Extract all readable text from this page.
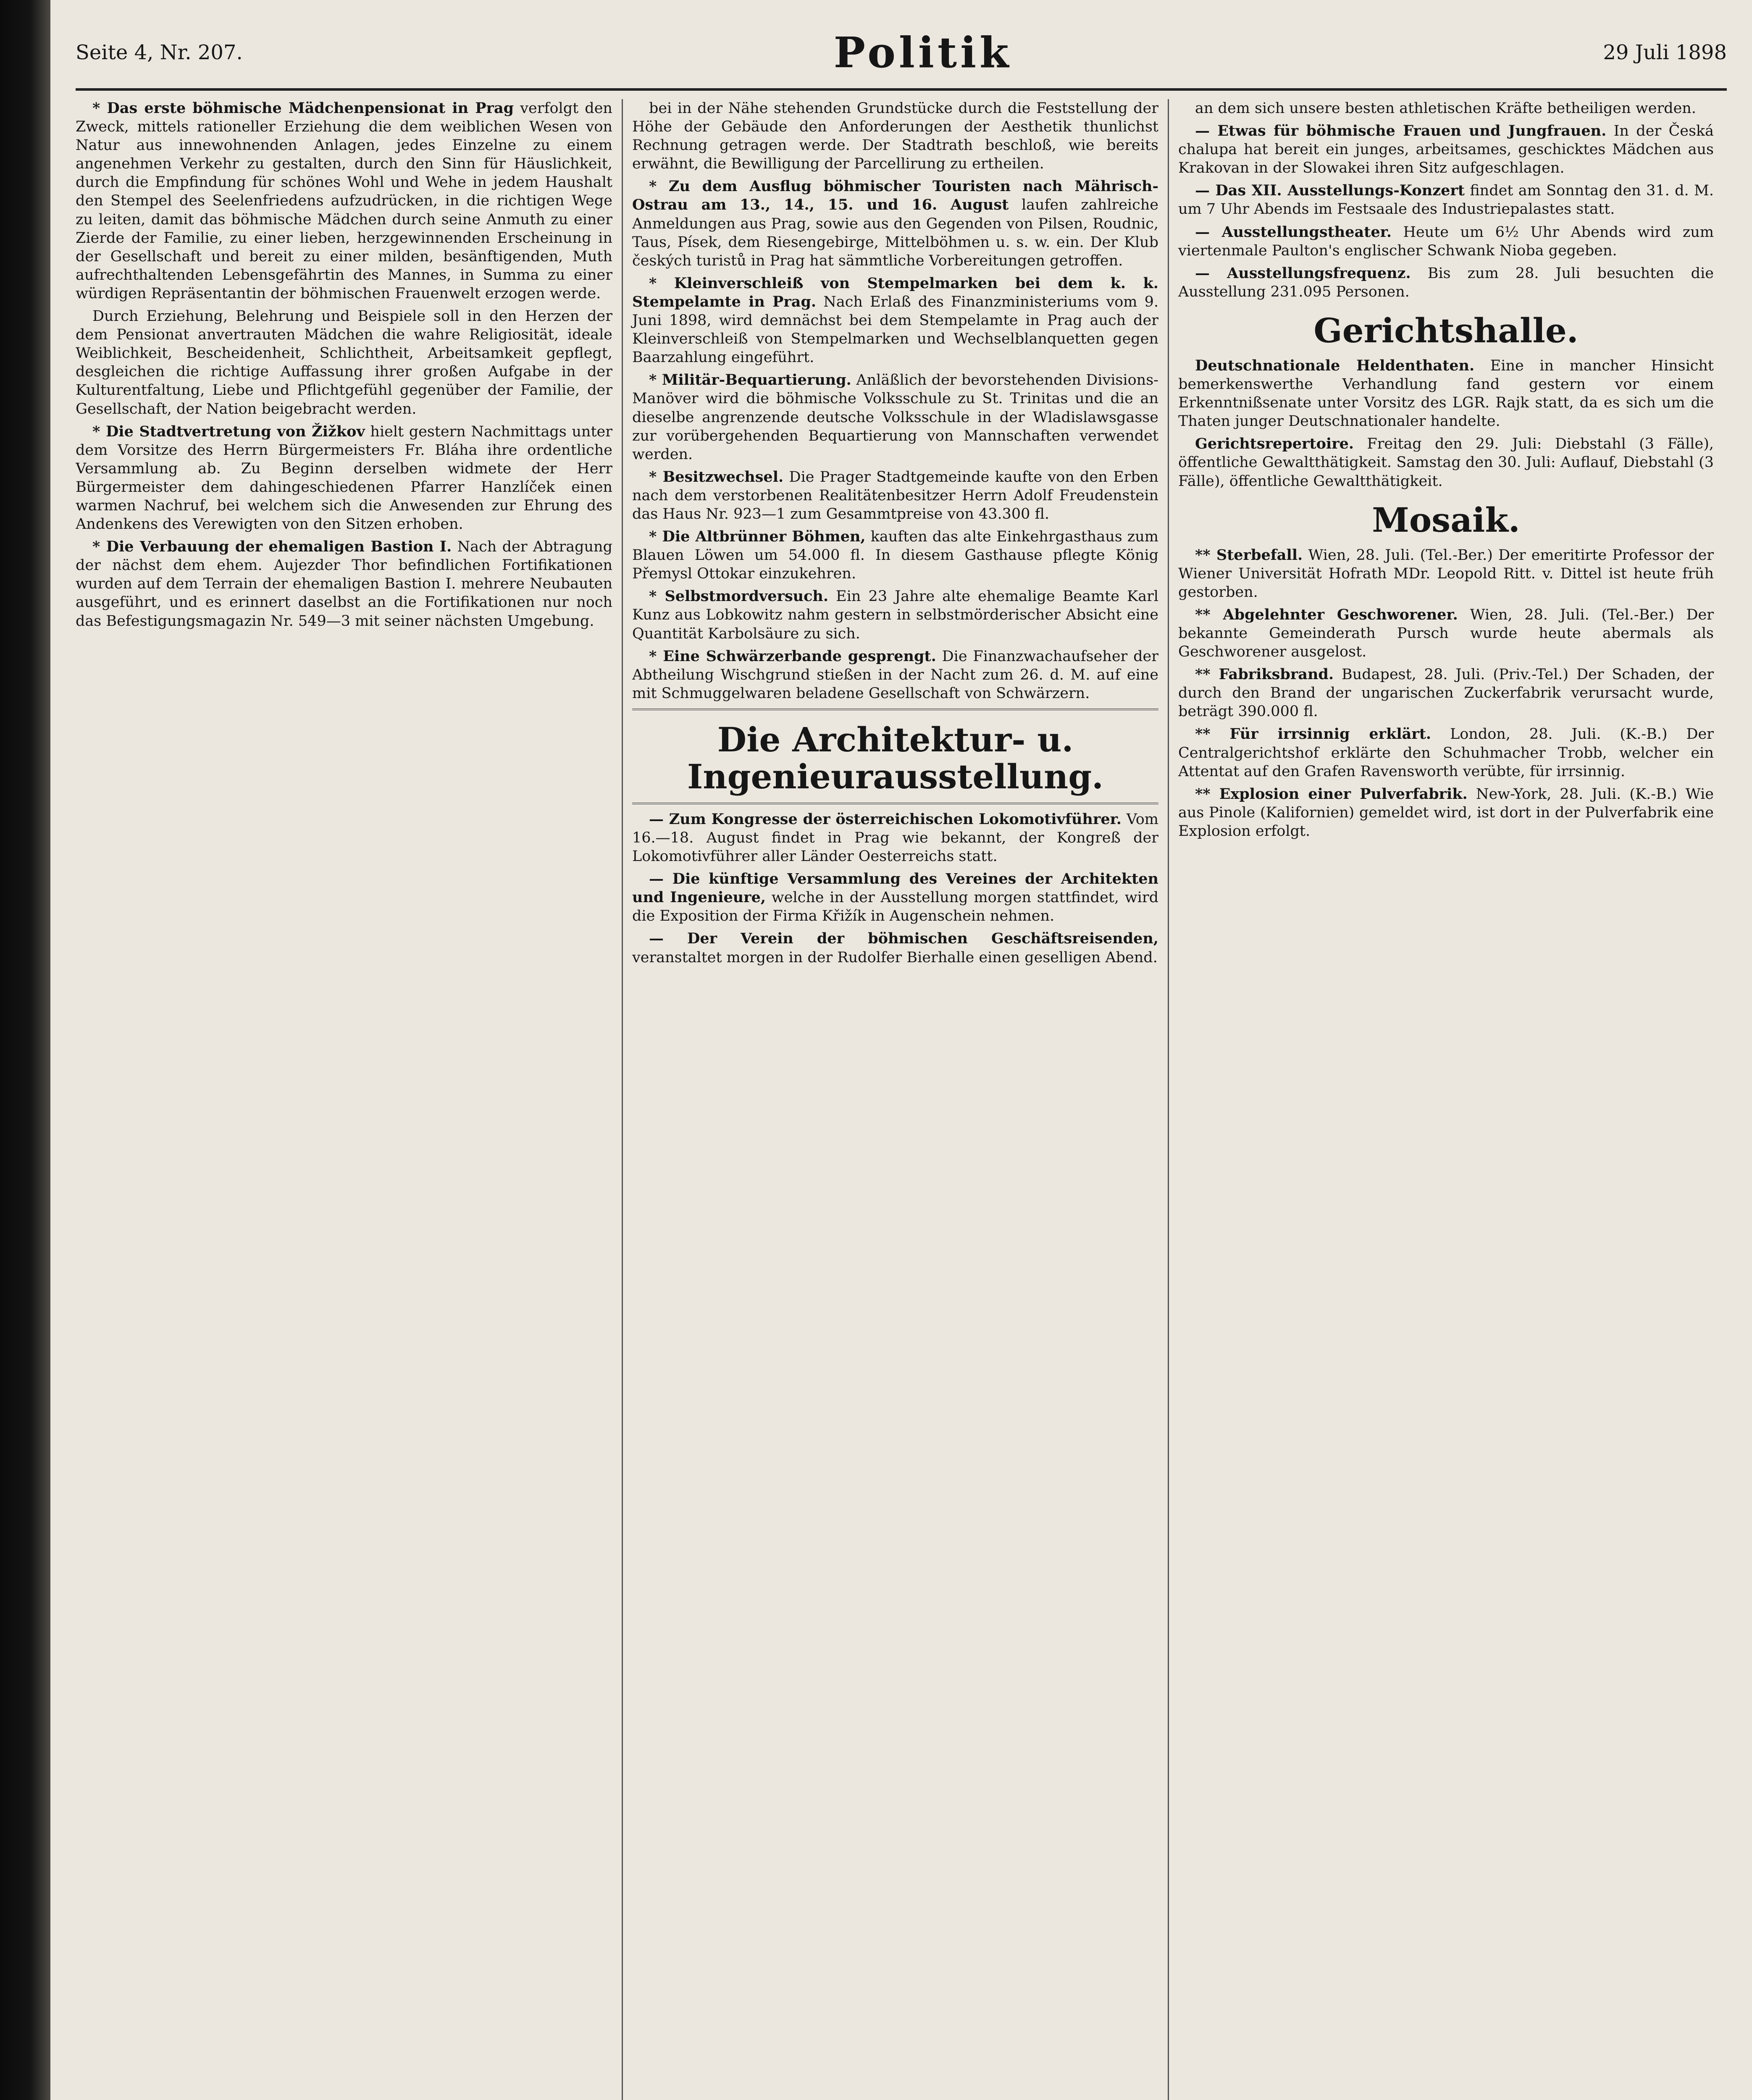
Seite 4, Nr. 207.	Politik	29 Juli 1898

* Das erste böhmische Mädchenpensionat in Prag verfolgt den Zweck, mittels rationeller Erziehung die dem weiblichen Wesen von Natur aus innewohnenden Anlagen, jedes Einzelne zu einem angenehmen Verkehr zu gestalten, durch den Sinn für Häuslichkeit, durch die Empfindung für schönes Wohl und Wehe in jedem Haushalt den Stempel des Seelenfriedens aufzudrücken, in die richtigen Wege zu leiten, damit das böhmische Mädchen durch seine Anmuth zu einer Zierde der Familie, zu einer lieben, herzgewinnenden Erscheinung in der Gesellschaft und bereit zu einer milden, besänftigenden, Muth aufrechthaltenden Lebensgefährtin des Mannes, in Summa zu einer würdigen Repräsentantin der böhmischen Frauenwelt erzogen werde.

Durch Erziehung, Belehrung und Beispiele soll in den Herzen der dem Pensionat anvertrauten Mädchen die wahre Religiosität, ideale Weiblichkeit, Bescheidenheit, Schlichtheit, Arbeitsamkeit gepflegt, desgleichen die richtige Auffassung ihrer großen Aufgabe in der Kulturentfaltung, Liebe und Pflichtgefühl gegenüber der Familie, der Gesellschaft, der Nation beigebracht werden.

* Die Stadtvertretung von Žižkov hielt gestern Nachmittags unter dem Vorsitze des Herrn Bürgermeisters Fr. Bláha ihre ordentliche Versammlung ab. Zu Beginn derselben widmete der Herr Bürgermeister dem dahingeschiedenen Pfarrer Hanzlíček einen warmen Nachruf, bei welchem sich die Anwesenden zur Ehrung des Andenkens des Verewigten von den Sitzen erhoben.

* Die Verbauung der ehemaligen Bastion I. Nach der Abtragung der nächst dem ehem. Aujezder Thor befindlichen Fortifikationen wurden auf dem Terrain der ehemaligen Bastion I. mehrere Neubauten ausgeführt, und es erinnert daselbst an die Fortifikationen nur noch das Befestigungsmagazin Nr. 549—3 mit seiner nächsten Umgebung.

bei in der Nähe stehenden Grundstücke durch die Feststellung der Höhe der Gebäude den Anforderungen der Aesthetik thunlichst Rechnung getragen werde. Der Stadtrath beschloß, wie bereits erwähnt, die Bewilligung der Parcellirung zu ertheilen.

* Zu dem Ausflug böhmischer Touristen nach Mährisch-Ostrau am 13., 14., 15. und 16. August laufen zahlreiche Anmeldungen aus Prag, sowie aus den Gegenden von Pilsen, Roudnic, Taus, Písek, dem Riesengebirge, Mittelböhmen u. s. w. ein. Der Klub českých turistů in Prag hat sämmtliche Vorbereitungen getroffen.

* Kleinverschleiß von Stempelmarken bei dem k. k. Stempelamte in Prag. Nach Erlaß des Finanzministeriums vom 9. Juni 1898, wird demnächst bei dem Stempelamte in Prag auch der Kleinverschleiß von Stempelmarken und Wechselblanquetten gegen Baarzahlung eingeführt.

* Militär-Bequartierung. Anläßlich der bevorstehenden Divisions-Manöver wird die böhmische Volksschule zu St. Trinitas und die an dieselbe angrenzende deutsche Volksschule in der Wladislawsgasse zur vorübergehenden Bequartierung von Mannschaften verwendet werden.

* Besitzwechsel. Die Prager Stadtgemeinde kaufte von den Erben nach dem verstorbenen Realitätenbesitzer Herrn Adolf Freudenstein das Haus Nr. 923—1 zum Gesammtpreise von 43.300 fl.

* Die Altbrünner Böhmen, kauften das alte Einkehrgasthaus zum Blauen Löwen um 54.000 fl. In diesem Gasthause pflegte König Přemysl Ottokar einzukehren.

* Selbstmordversuch. Ein 23 Jahre alte ehemalige Beamte Karl Kunz aus Lobkowitz nahm gestern in selbstmörderischer Absicht eine Quantität Karbolsäure zu sich.

* Eine Schwärzerbande gesprengt. Die Finanzwachaufseher der Abtheilung Wischgrund stießen in der Nacht zum 26. d. M. auf eine mit Schmuggelwaren beladene Gesellschaft von Schwärzern.

Die Architektur- u. Ingenieurausstellung.

— Zum Kongresse der österreichischen Lokomotivführer. Vom 16.—18. August findet in Prag wie bekannt, der Kongreß der Lokomotivführer aller Länder Oesterreichs statt.

— Die künftige Versammlung des Vereines der Architekten und Ingenieure, welche in der Ausstellung morgen stattfindet, wird die Exposition der Firma Křižík in Augenschein nehmen.

— Der Verein der böhmischen Geschäftsreisenden, veranstaltet morgen in der Rudolfer Bierhalle einen geselligen Abend.

an dem sich unsere besten athletischen Kräfte betheiligen werden.

— Etwas für böhmische Frauen und Jungfrauen. In der Česká chalupa hat bereit ein junges, arbeitsames, geschicktes Mädchen aus Krakovan in der Slowakei ihren Sitz aufgeschlagen.

— Das XII. Ausstellungs-Konzert findet am Sonntag den 31. d. M. um 7 Uhr Abends im Festsaale des Industriepalastes statt.

— Ausstellungstheater. Heute um 6½ Uhr Abends wird zum viertenmale Paulton's englischer Schwank Nioba gegeben.

— Ausstellungsfrequenz. Bis zum 28. Juli besuchten die Ausstellung 231.095 Personen.

Gerichtshalle.

Deutschnationale Heldenthaten. Eine in mancher Hinsicht bemerkenswerthe Verhandlung fand gestern vor einem Erkenntnißsenate unter Vorsitz des LGR. Rajk statt, da es sich um die Thaten junger Deutschnationaler handelte.

Gerichtsrepertoire. Freitag den 29. Juli: Diebstahl (3 Fälle), öffentliche Gewaltthätigkeit. Samstag den 30. Juli: Auflauf, Diebstahl (3 Fälle), öffentliche Gewaltthätigkeit.

Mosaik.

** Sterbefall. Wien, 28. Juli. (Tel.-Ber.) Der emeritirte Professor der Wiener Universität Hofrath MDr. Leopold Ritt. v. Dittel ist heute früh gestorben.

** Abgelehnter Geschworener. Wien, 28. Juli. (Tel.-Ber.) Der bekannte Gemeinderath Pursch wurde heute abermals als Geschworener ausgelost.

** Fabriksbrand. Budapest, 28. Juli. (Priv.-Tel.) Der Schaden, der durch den Brand der ungarischen Zuckerfabrik verursacht wurde, beträgt 390.000 fl.

** Für irrsinnig erklärt. London, 28. Juli. (K.-B.) Der Centralgerichtshof erklärte den Schuhmacher Trobb, welcher ein Attentat auf den Grafen Ravensworth verübte, für irrsinnig.

** Explosion einer Pulverfabrik. New-York, 28. Juli. (K.-B.) Wie aus Pinole (Kalifornien) gemeldet wird, ist dort in der Pulverfabrik eine Explosion erfolgt.
